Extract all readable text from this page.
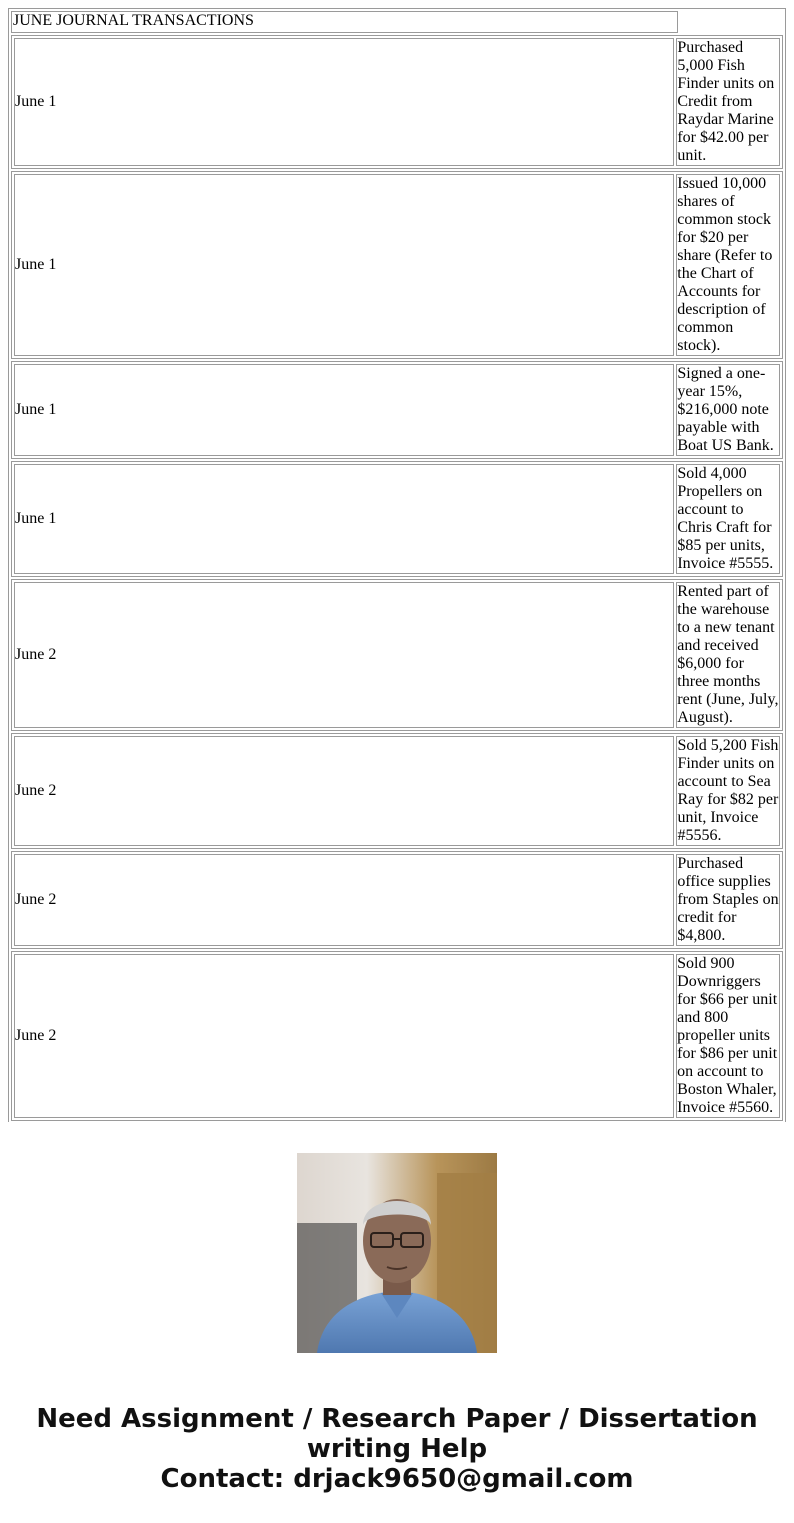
JUNE JOURNAL TRANSACTIONS	

June 1	Purchased 5,000 Fish Finder units on Credit from Raydar Marine for $42.00 per unit.

June 1	Issued 10,000 shares of common stock for $20 per share (Refer to the Chart of Accounts for description of common stock).

June 1	Signed a one-year 15%, $216,000 note payable with Boat US Bank.

June 1	Sold 4,000 Propellers on account to Chris Craft for $85 per units, Invoice #5555.

June 2	Rented part of the warehouse to a new tenant and received $6,000 for three months rent (June, July, August).

June 2	Sold 5,200 Fish Finder units on account to Sea Ray for $82 per unit, Invoice #5556.

June 2	Purchased office supplies from Staples on credit for $4,800.

June 2	Sold 900 Downriggers for $66 per unit and 800 propeller units for $86 per unit on account to Boston Whaler, Invoice #5560.

Need Assignment / Research Paper / Dissertation
writing Help
Contact: drjack9650@gmail.com
